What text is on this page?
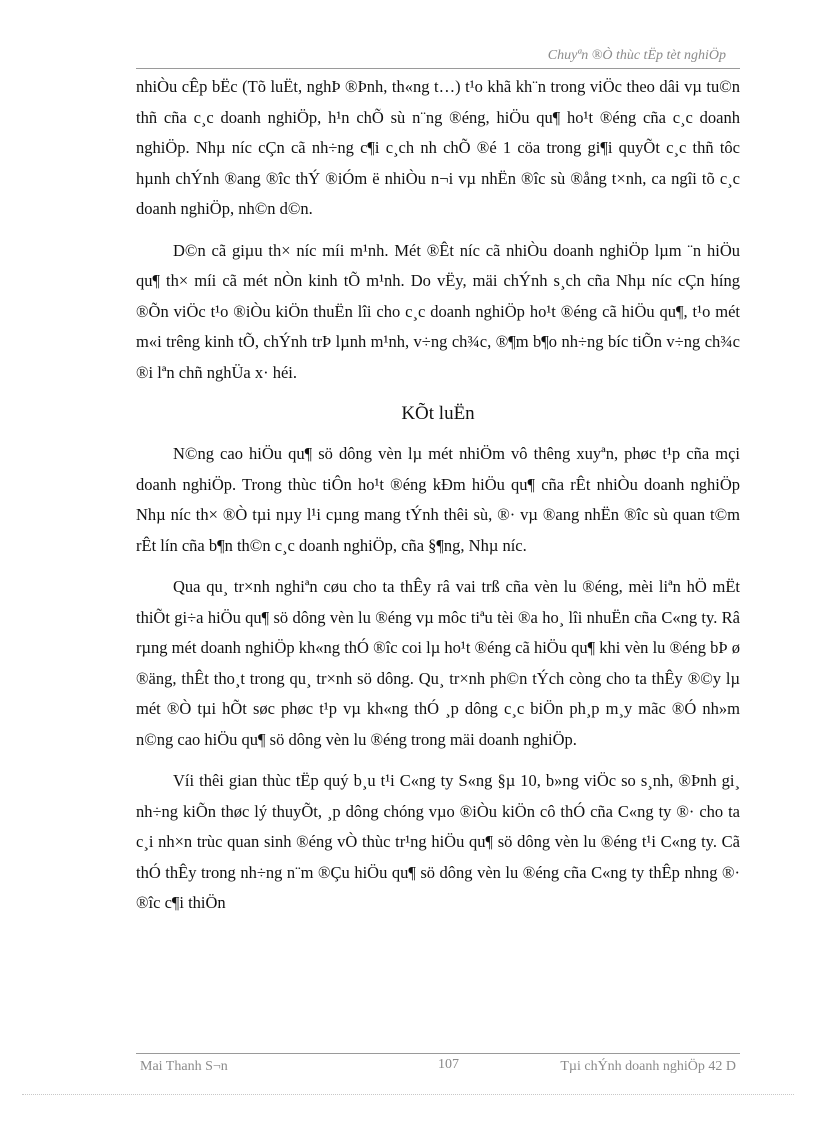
Chuyªn ®Ò thùc tËp tèt nghiÖp

nhiÒu cÊp bËc (Tõ luËt, nghÞ ®Þnh, th«ng t…) t¹o khã kh¨n trong viÖc theo dâi vµ tu©n thñ cña c¸c doanh nghiÖp, h¹n chÕ sù n¨ng ®éng, hiÖu qu¶ ho¹t ®éng cña c¸c doanh nghiÖp. Nhµ níc cÇn cã nh÷ng c¶i c¸ch nh chÕ ®é 1 cöa trong gi¶i quyÕt c¸c thñ tôc hµnh chÝnh ®ang ®îc thÝ ®iÓm ë nhiÒu n¬i vµ nhËn ®îc sù ®ång t×nh, ca ngîi tõ c¸c doanh nghiÖp, nh©n d©n.

D©n cã giµu th× níc míi m¹nh. Mét ®Êt níc cã nhiÒu doanh nghiÖp lµm ¨n hiÖu qu¶ th× míi cã mét nÒn kinh tÕ m¹nh. Do vËy, mäi chÝnh s¸ch cña Nhµ níc cÇn híng ®Õn viÖc t¹o ®iÒu kiÖn thuËn lîi cho c¸c doanh nghiÖp ho¹t ®éng cã hiÖu qu¶, t¹o mét m«i trêng kinh tÕ, chÝnh trÞ lµnh m¹nh, v÷ng ch¾c, ®¶m b¶o nh÷ng bíc tiÕn v÷ng ch¾c ®i lªn chñ nghÜa x· héi.

KÕt luËn

N©ng cao hiÖu qu¶ sö dông vèn lµ mét nhiÖm vô thêng xuyªn, phøc t¹p cña mçi doanh nghiÖp. Trong thùc tiÔn ho¹t ®éng kÐm hiÖu qu¶ cña rÊt nhiÒu doanh nghiÖp Nhµ níc th× ®Ò tµi nµy l¹i cµng mang tÝnh thêi sù, ®· vµ ®ang nhËn ®îc sù quan t©m rÊt lín cña b¶n th©n c¸c doanh nghiÖp, cña §¶ng, Nhµ níc.

Qua qu¸ tr×nh nghiªn cøu cho ta thÊy râ vai trß cña vèn lu ®éng, mèi liªn hÖ mËt thiÕt gi÷a hiÖu qu¶ sö dông vèn lu ®éng vµ môc tiªu tèi ®a ho¸ lîi nhuËn cña C«ng ty. Râ rµng mét doanh nghiÖp kh«ng thÓ ®îc coi lµ ho¹t ®éng cã hiÖu qu¶ khi vèn lu ®éng bÞ ø ®äng, thÊt tho¸t trong qu¸ tr×nh sö dông. Qu¸ tr×nh ph©n tÝch còng cho ta thÊy ®©y lµ mét ®Ò tµi hÕt søc phøc t¹p vµ kh«ng thÓ ¸p dông c¸c biÖn ph¸p m¸y mãc ®Ó nh»m n©ng cao hiÖu qu¶ sö dông vèn lu ®éng trong mäi doanh nghiÖp.

Víi thêi gian thùc tËp quý b¸u t¹i C«ng ty S«ng §µ 10, b»ng viÖc so s¸nh, ®Þnh gi¸ nh÷ng kiÕn thøc lý thuyÕt, ¸p dông chóng vµo ®iÒu kiÖn cô thÓ cña C«ng ty ®· cho ta c¸i nh×n trùc quan sinh ®éng vÒ thùc tr¹ng hiÖu qu¶ sö dông vèn lu ®éng t¹i C«ng ty. Cã thÓ thÊy trong nh÷ng n¨m ®Çu hiÖu qu¶ sö dông vèn lu ®éng cña C«ng ty thÊp nhng ®· ®îc c¶i thiÖn

Mai Thanh S¬n	107	Tµi chÝnh doanh nghiÖp 42 D
